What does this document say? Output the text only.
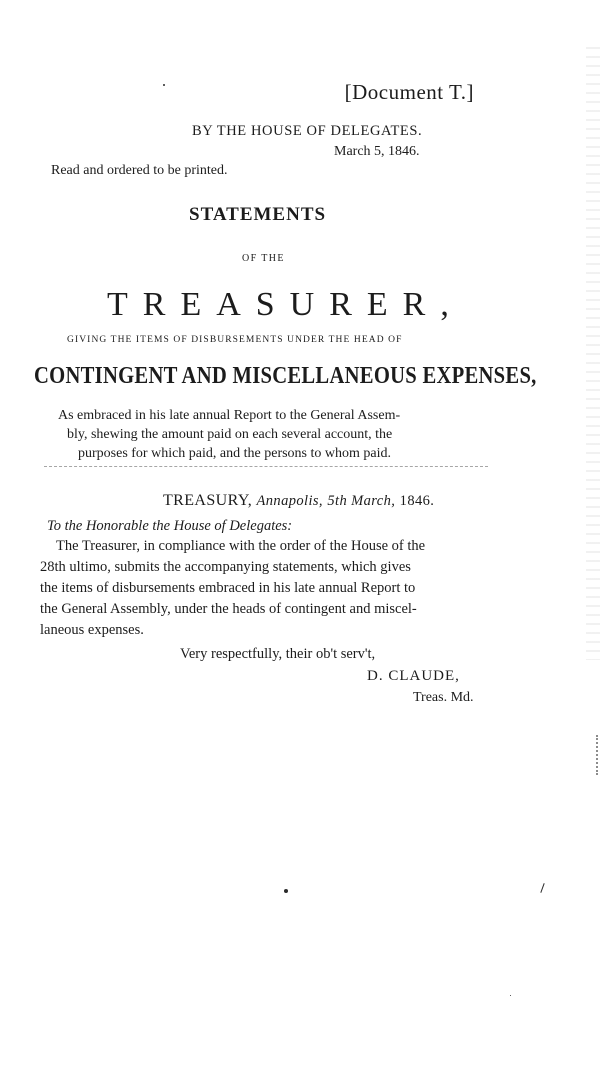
[Document T.]
BY THE HOUSE OF DELEGATES.
March 5, 1846.
Read and ordered to be printed.
STATEMENTS
OF THE
TREASURER,
GIVING THE ITEMS OF DISBURSEMENTS UNDER THE HEAD OF
CONTINGENT AND MISCELLANEOUS EXPENSES,
As embraced in his late annual Report to the General Assem-
bly, shewing the amount paid on each several account, the
purposes for which paid, and the persons to whom paid.
TREASURY, Annapolis, 5th March, 1846.
To the Honorable the House of Delegates:
The Treasurer, in compliance with the order of the House of the
28th ultimo, submits the accompanying statements, which gives
the items of disbursements embraced in his late annual Report to
the General Assembly, under the heads of contingent and miscel-
laneous expenses.
Very respectfully, their ob't serv't,
D. CLAUDE,
Treas. Md.
